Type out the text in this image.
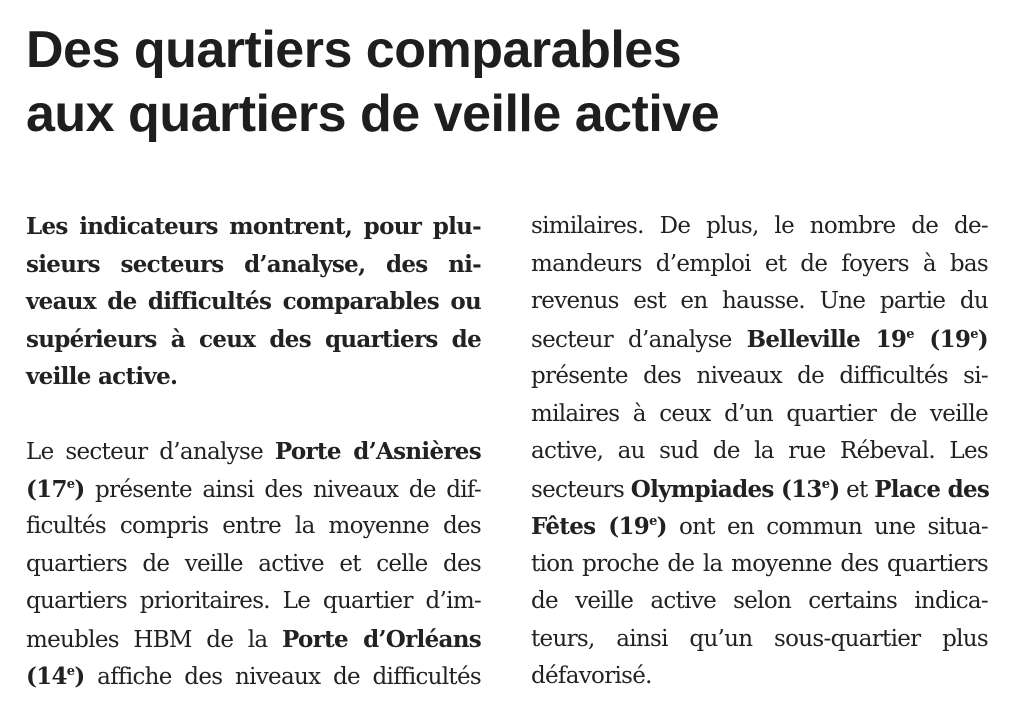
Des quartiers comparables
aux quartiers de veille active
Les indicateurs montrent, pour plu-
sieurs secteurs d’analyse, des ni-
veaux de difficultés comparables ou
supérieurs à ceux des quartiers de
veille active.
Le secteur d’analyse Porte d’Asnières
(17e) présente ainsi des niveaux de dif-
ficultés compris entre la moyenne des
quartiers de veille active et celle des
quartiers prioritaires. Le quartier d’im-
meubles HBM de la Porte d’Orléans
(14e) affiche des niveaux de difficultés
similaires. De plus, le nombre de de-
mandeurs d’emploi et de foyers à bas
revenus est en hausse. Une partie du
secteur d’analyse Belleville 19e (19e)
présente des niveaux de difficultés si-
milaires à ceux d’un quartier de veille
active, au sud de la rue Rébeval. Les
secteurs Olympiades (13e) et Place des
Fêtes (19e) ont en commun une situa-
tion proche de la moyenne des quartiers
de veille active selon certains indica-
teurs, ainsi qu’un sous-quartier plus
défavorisé.
